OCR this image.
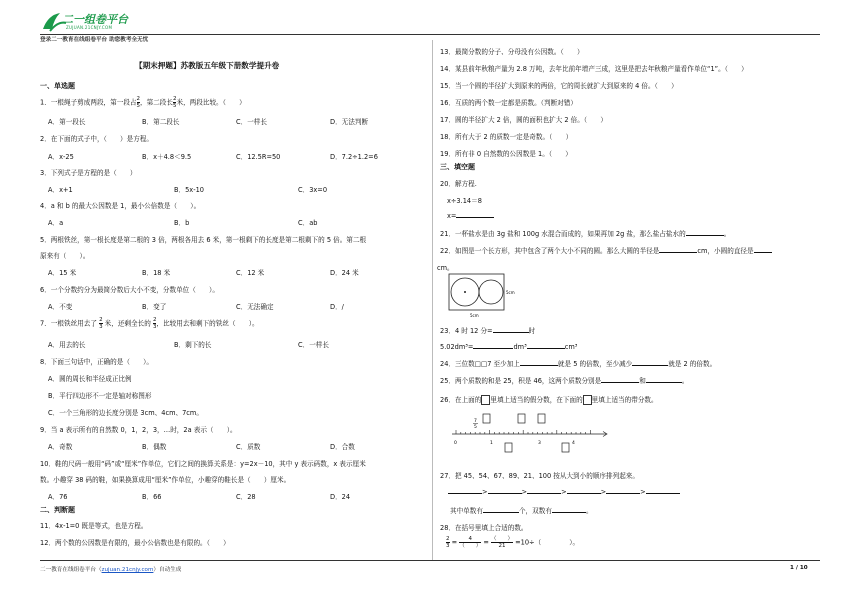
二一组卷平台
ZUJUAN.21CNJY.COM
登录二一教育在线组卷平台 助您教考全无忧
【期末押题】苏教版五年级下册数学提升卷
一、单选题
1．一根绳子剪成两段，第一段占 $\frac{2}{5}$ ，第二段长 $\frac{2}{5}$ 米，两段比较。（　　）
A．第一段长	B．第二段长	C．一样长	D．无法判断
2．在下面的式子中，（　　）是方程。
A．x-25	B．x＋4.8＜9.5	C．12.5R=50	D．7.2÷1.2=6
3．下列式子是方程的是（　　）
A．x+1	B．5x-10	C．3x=0
4．a 和 b 的最大公因数是 1，最小公倍数是（　　）。
A．a	B．b	C．ab
5．两根铁丝，第一根长度是第二根的 3 倍，两根各用去 6 米，第一根剩下的长度是第二根剩下的 5 倍。第二根
原来有（　　）。
A．15 米	B．18 米	C．12 米	D．24 米
6．一个分数约分为最简分数后大小不变，分数单位（　　）。
A．不变	B．变了	C．无法确定	D．/
7．一根铁丝用去了 $\frac{2}{3}$ 米，还剩全长的 $\frac{2}{3}$ ，比较用去和剩下的铁丝（　　）。
A．用去的长	B．剩下的长	C．一样长
8．下面三句话中，正确的是（　　）。
A．圆的周长和半径成正比例
B．平行四边形不一定是轴对称图形
C．一个三角形的边长度分别是 3cm、4cm、7cm。
9．当 a 表示所有的自然数 0，1，2，3，…时，2a 表示（　　）。
A．奇数	B．偶数	C．质数	D．合数
10．鞋的尺码一般用“码”或“厘米”作单位，它们之间的换算关系是：y=2x－10，其中 y 表示码数，x 表示厘米
数。小趣穿 38 码的鞋，如果换算成用“厘米”作单位，小趣穿的鞋长是（　　）厘米。
A．76	B．66	C．28	D．24
二、判断题
11．4x-1=0 既是等式，也是方程。
12．两个数的公因数是有限的，最小公倍数也是有限的。（　　）
13．最简分数的分子、分母没有公因数。（　　）
14．某县前年秋粮产量为 2.8 万吨，去年比前年增产三成，这里是把去年秋粮产量看作单位“1”。（　　）
15．当一个圆的半径扩大到原来的两倍，它的周长就扩大到原来的 4 倍。（　　）
16．互质的两个数一定都是质数。（判断对错）
17．圆的半径扩大 2 倍，圆的面积也扩大 2 倍。（　　）
18．所有大于 2 的质数一定是奇数。（　　）
19．所有非 0 自然数的公因数是 1。（　　）
三、填空题
20．解方程.
x÷3.14＝8
x=
21．一杯盐水是由 3g 盐和 100g 水混合而成的，如果再加 2g 盐，那么盐占盐水的	。
22．如图是一个长方形，其中包含了两个大小不同的圆。那么大圆的半径是	cm，小圆的直径是
cm。
5cm
5cm
23．4 时 12 分=	时
5.02dm³=	dm³	cm³
24．三位数□□7 至少加上	就是 5 的倍数，至少减少	就是 2 的倍数。
25．两个质数的和是 25，积是 46，这两个质数分别是	和	。
26．在上面的 里填上适当的假分数，在下面的 里填上适当的带分数。
7
5
0	1	3	4
27．把 45、54、67、89、21、100 按从大到小的顺序排列起来。
>	>	>	>	>
其中单数有	个，双数有	。
28．在括号里填上合适的数。
$\frac{2}{3} = \frac{4}{( )} = \frac{( )}{21} =10\div$（	）。
二一教育在线组卷平台（zujuan.21cnjy.com）自动生成	1 / 10
